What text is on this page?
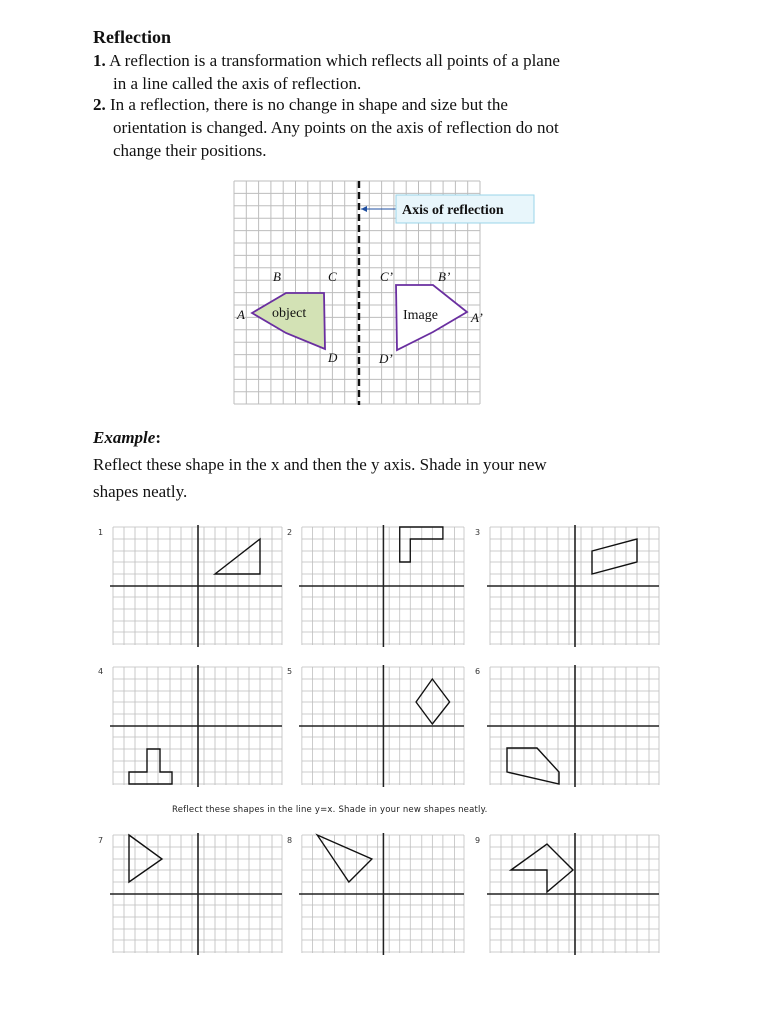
Reflection
1. A reflection is a transformation which reflects all points of a plane
in a line called the axis of reflection.
2. In a reflection, there is no change in shape and size but the
orientation is changed. Any points on the axis of reflection do not
change their positions.
Axis of reflection
object	Image
A
B	C
D
C’	B’
A’
D’
Example:
Reflect these shape in the x and then the y axis. Shade in your new
shapes neatly.
Reflect these shapes in the line y=x. Shade in your new shapes neatly.
1	2	3
4	5	6
7	8	9
